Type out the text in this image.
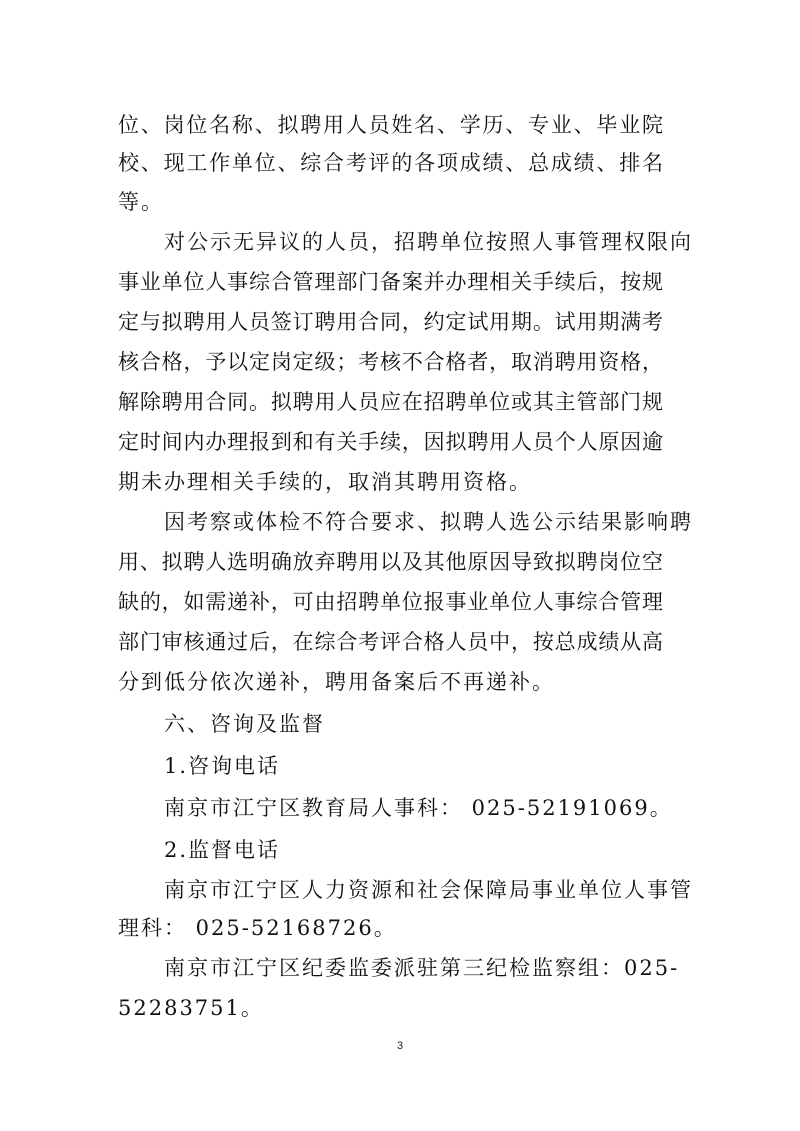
位、岗位名称、拟聘用人员姓名、学历、专业、毕业院
校、现工作单位、综合考评的各项成绩、总成绩、排名
等。
对公示无异议的人员，招聘单位按照人事管理权限向
事业单位人事综合管理部门备案并办理相关手续后，按规
定与拟聘用人员签订聘用合同，约定试用期。试用期满考
核合格，予以定岗定级；考核不合格者，取消聘用资格，
解除聘用合同。拟聘用人员应在招聘单位或其主管部门规
定时间内办理报到和有关手续，因拟聘用人员个人原因逾
期未办理相关手续的，取消其聘用资格。
因考察或体检不符合要求、拟聘人选公示结果影响聘
用、拟聘人选明确放弃聘用以及其他原因导致拟聘岗位空
缺的，如需递补，可由招聘单位报事业单位人事综合管理
部门审核通过后，在综合考评合格人员中，按总成绩从高
分到低分依次递补，聘用备案后不再递补。
六、咨询及监督
1.咨询电话
南京市江宁区教育局人事科： 025-52191069。
2.监督电话
南京市江宁区人力资源和社会保障局事业单位人事管
理科： 025-52168726。
南京市江宁区纪委监委派驻第三纪检监察组：025-
52283751。
3
